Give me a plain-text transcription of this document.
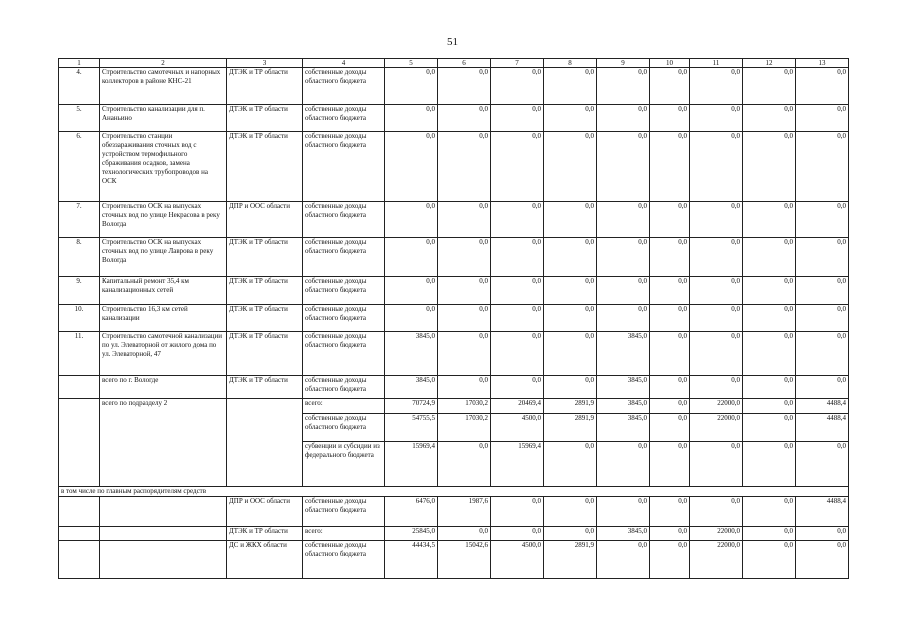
51
1	2	3	4	5	6	7	8	9	10	11	12	13
4.	Строительство самотечных и напорных коллекторов в районе КНС-21	ДТЭК и ТР области	собственные доходы областного бюджета	0,0	0,0	0,0	0,0	0,0	0,0	0,0	0,0	0,0
5.	Строительство канализации для п. Ананьино	ДТЭК и ТР области	собственные доходы областного бюджета	0,0	0,0	0,0	0,0	0,0	0,0	0,0	0,0	0,0
6.	Строительство станции обеззараживания сточных вод с устройством термофильного сбраживания осадков, замена технологических трубопроводов на ОСК	ДТЭК и ТР области	собственные доходы областного бюджета	0,0	0,0	0,0	0,0	0,0	0,0	0,0	0,0	0,0
7.	Строительство ОСК на выпусках сточных вод по улице Некрасова в реку Вологда	ДПР и ООС области	собственные доходы областного бюджета	0,0	0,0	0,0	0,0	0,0	0,0	0,0	0,0	0,0
8.	Строительство ОСК на выпусках сточных вод по улице Лаврова в реку Вологда	ДТЭК и ТР области	собственные доходы областного бюджета	0,0	0,0	0,0	0,0	0,0	0,0	0,0	0,0	0,0
9.	Капитальный ремонт 35,4 км канализационных сетей	ДТЭК и ТР области	собственные доходы областного бюджета	0,0	0,0	0,0	0,0	0,0	0,0	0,0	0,0	0,0
10.	Строительство 16,3 км сетей канализации	ДТЭК и ТР области	собственные доходы областного бюджета	0,0	0,0	0,0	0,0	0,0	0,0	0,0	0,0	0,0
11.	Строительство самотечной канализации по ул. Элеваторной от жилого дома по ул. Элеваторной, 47	ДТЭК и ТР области	собственные доходы областного бюджета	3845,0	0,0	0,0	0,0	3845,0	0,0	0,0	0,0	0,0
	всего по г. Вологде	ДТЭК и ТР области	собственные доходы областного бюджета	3845,0	0,0	0,0	0,0	3845,0	0,0	0,0	0,0	0,0
	всего по подразделу 2		всего:	70724,9	17030,2	20469,4	2891,9	3845,0	0,0	22000,0	0,0	4488,4
			собственные доходы областного бюджета	54755,5	17030,2	4500,0	2891,9	3845,0	0,0	22000,0	0,0	4488,4
			субвенции и субсидии из федерального бюджета	15969,4	0,0	15969,4	0,0	0,0	0,0	0,0	0,0	0,0
в том числе по главным распорядителям средств												
		ДПР и ООС области	собственные доходы областного бюджета	6476,0	1987,6	0,0	0,0	0,0	0,0	0,0	0,0	4488,4
		ДТЭК и ТР области	всего:	25845,0	0,0	0,0	0,0	3845,0	0,0	22000,0	0,0	0,0
		ДС и ЖКХ области	собственные доходы областного бюджета	44434,5	15042,6	4500,0	2891,9	0,0	0,0	22000,0	0,0	0,0
